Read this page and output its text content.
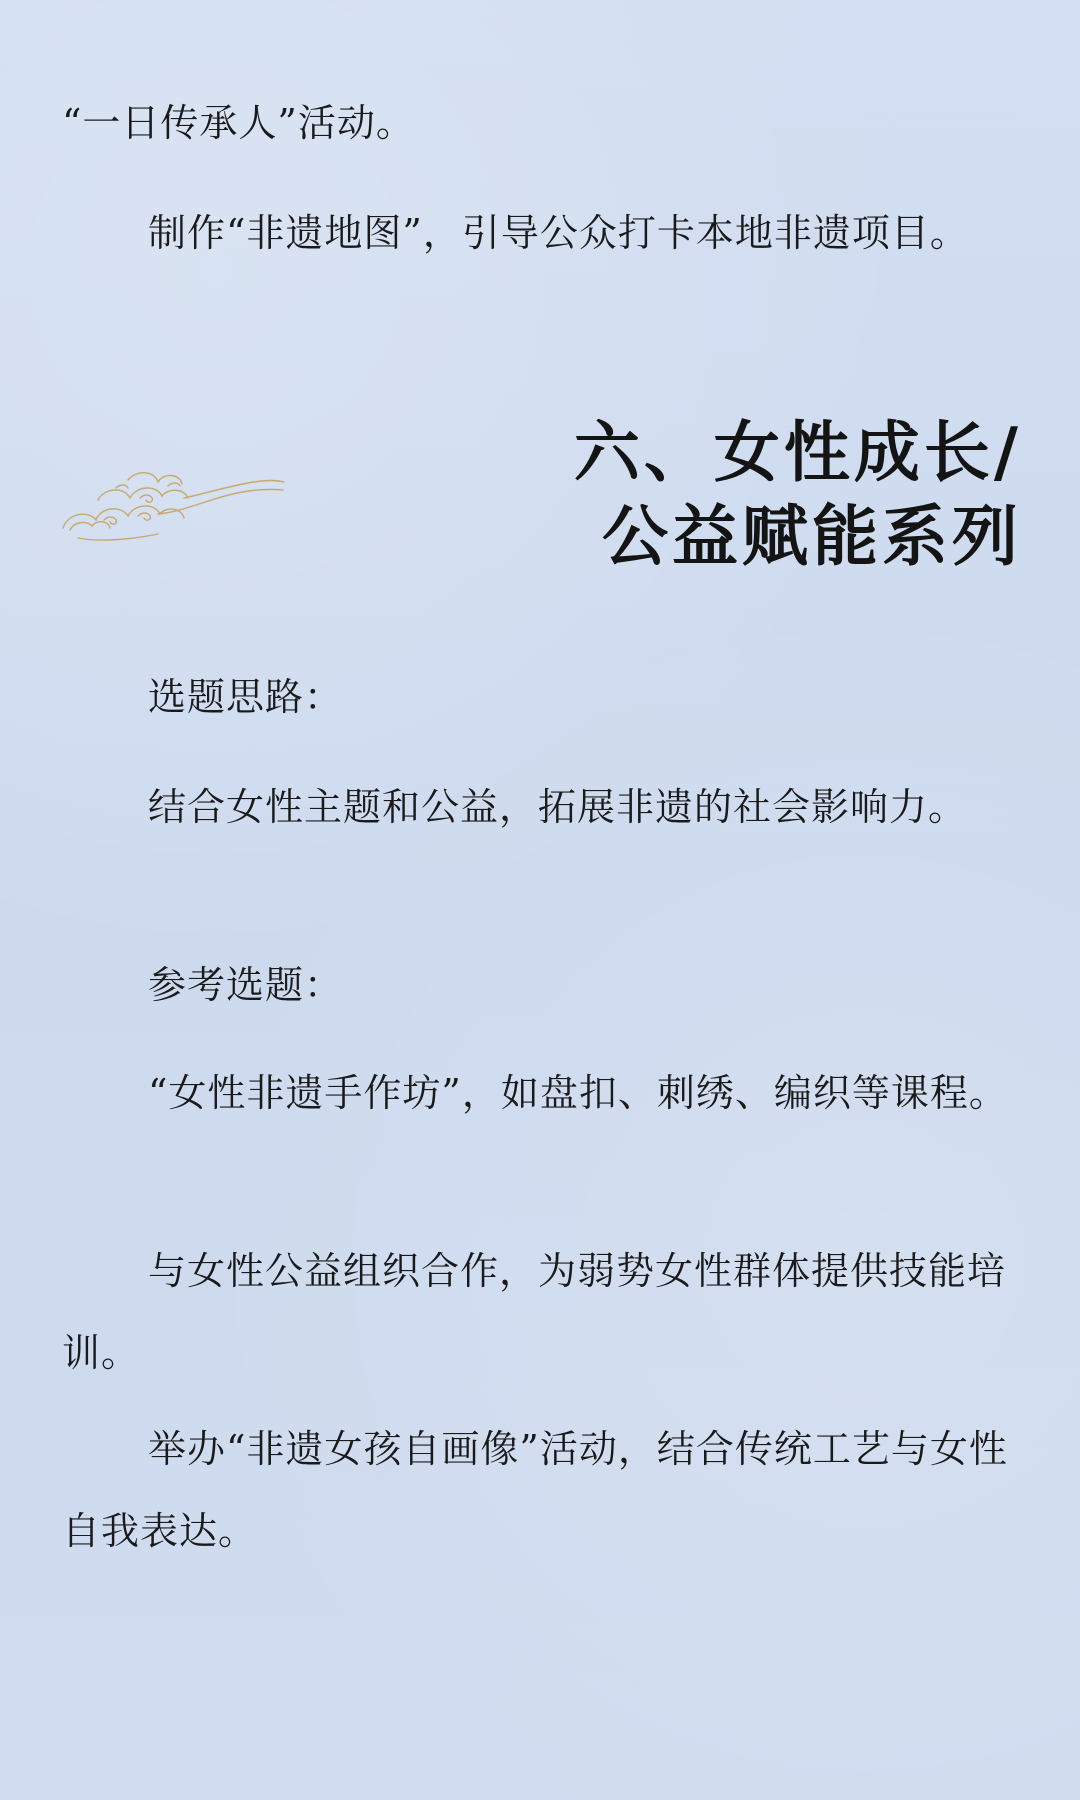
“一日传承人”活动。

制作“非遗地图”，引导公众打卡本地非遗项目。

六、女性成长/
公益赋能系列

选题思路：

结合女性主题和公益，拓展非遗的社会影响力。

参考选题：

“女性非遗手作坊”，如盘扣、刺绣、编织等课程。

与女性公益组织合作，为弱势女性群体提供技能培训。

举办“非遗女孩自画像”活动，结合传统工艺与女性自我表达。
